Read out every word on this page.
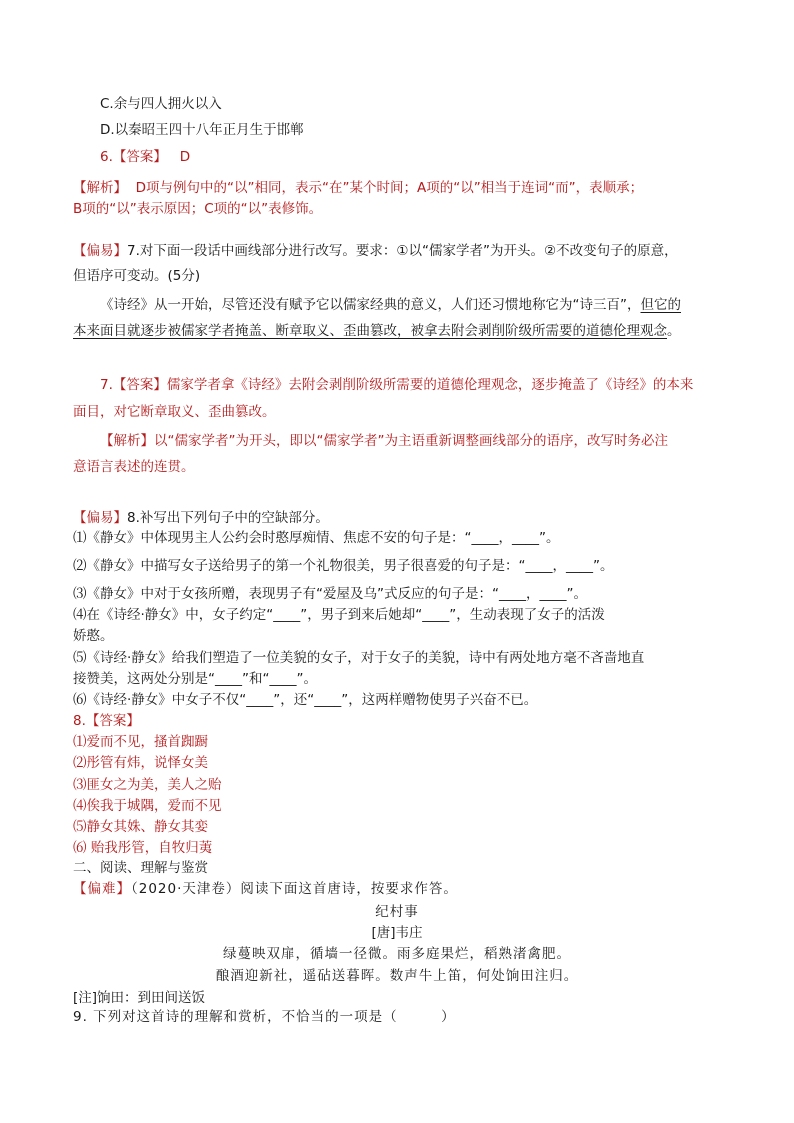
C.余与四人拥火以入
D.以秦昭王四十八年正月生于邯郸
6.【答案】 D
【解析】 D项与例句中的“以”相同，表示“在”某个时间；A项的“以”相当于连词“而”，表顺承；
B项的“以”表示原因；C项的“以”表修饰。
【偏易】7.对下面一段话中画线部分进行改写。要求：①以“儒家学者”为开头。②不改变句子的原意，
但语序可变动。(5分)
《诗经》从一开始，尽管还没有赋予它以儒家经典的意义，人们还习惯地称它为“诗三百”，但它的
本来面目就逐步被儒家学者掩盖、断章取义、歪曲篡改，被拿去附会剥削阶级所需要的道德伦理观念。
7.【答案】儒家学者拿《诗经》去附会剥削阶级所需要的道德伦理观念，逐步掩盖了《诗经》的本来
面目，对它断章取义、歪曲篡改。
【解析】以“儒家学者”为开头，即以“儒家学者”为主语重新调整画线部分的语序，改写时务必注
意语言表述的连贯。
【偏易】8.补写出下列句子中的空缺部分。
⑴《静女》中体现男主人公约会时憨厚痴情、焦虑不安的句子是：“____，____”。
⑵《静女》中描写女子送给男子的第一个礼物很美，男子很喜爱的句子是：“____，____”。
⑶《静女》中对于女孩所赠，表现男子有“爱屋及乌”式反应的句子是：“____，____”。
⑷在《诗经·静女》中，女子约定“____”，男子到来后她却“____”，生动表现了女子的活泼
娇憨。
⑸《诗经·静女》给我们塑造了一位美貌的女子，对于女子的美貌，诗中有两处地方毫不吝啬地直
接赞美，这两处分别是“____”和“____”。
⑹《诗经·静女》中女子不仅“____”，还“____”，这两样赠物使男子兴奋不已。
8.【答案】
⑴爱而不见，搔首踟蹰
⑵彤管有炜，说怿女美
⑶匪女之为美，美人之贻
⑷俟我于城隅，爱而不见
⑸静女其姝、静女其娈
⑹ 贻我彤管，自牧归荑
二、阅读、理解与鉴赏
【偏难】（2020·天津卷）阅读下面这首唐诗，按要求作答。
纪村事
[唐]韦庄
绿蔓映双扉，循墙一径微。雨多庭果烂，稻熟渚禽肥。
酿酒迎新社，遥砧送暮晖。数声牛上笛，何处饷田注归。
[注]饷田：到田间送饭
9. 下列对这首诗的理解和赏析，不恰当的一项是（　　　）
